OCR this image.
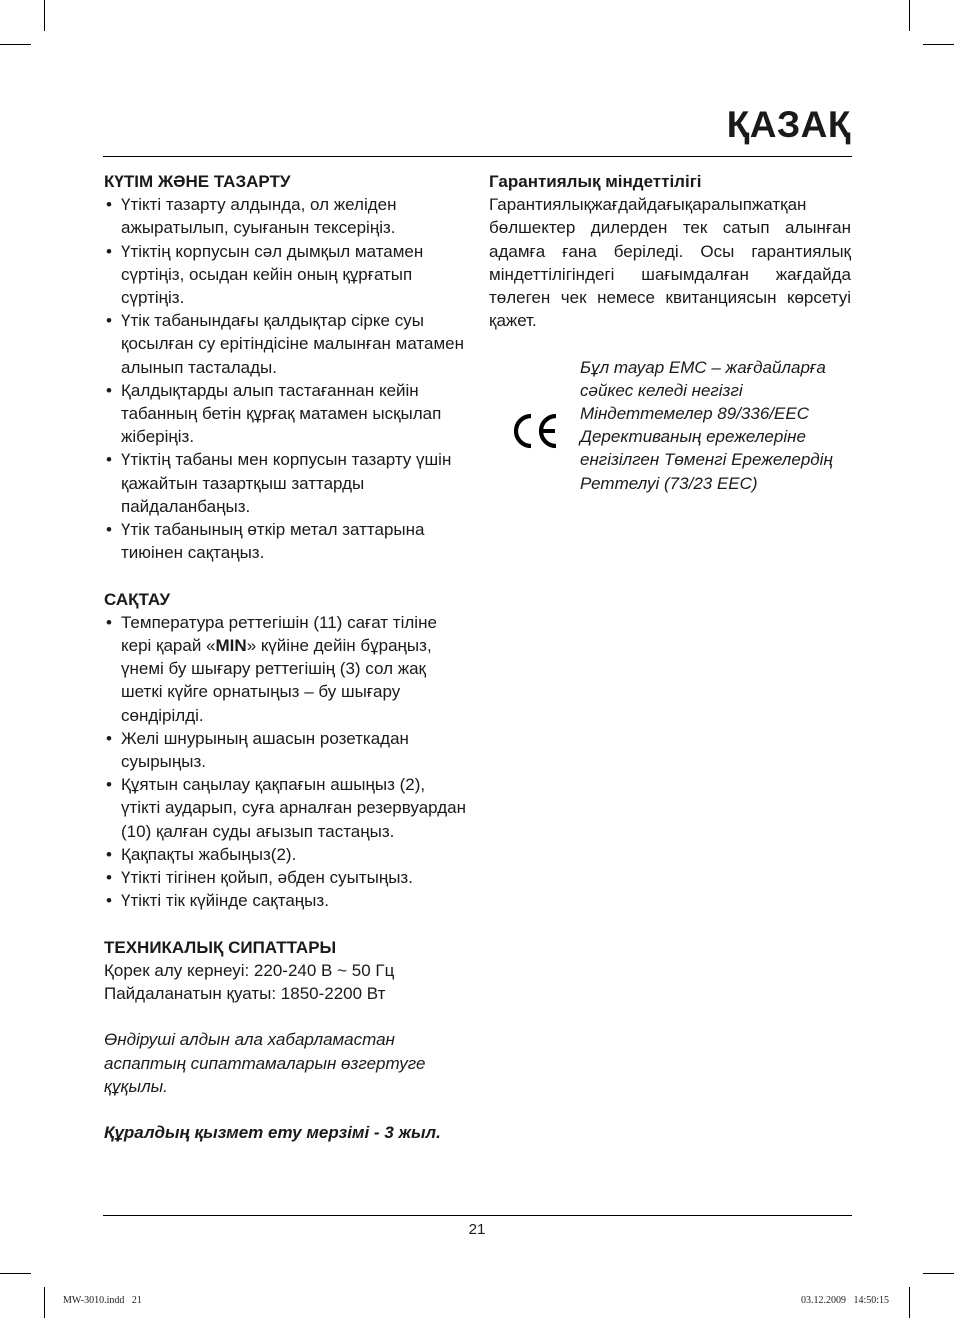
ҚАЗАҚ
КҮТІМ ЖӘНЕ ТАЗАРТУ
• Үтікті тазарту алдында, ол желіден ажыратылып, суығанын тексеріңіз.
• Үтіктің корпусын сәл дымқыл матамен сүртіңіз, осыдан кейін оның құрғатып сүртіңіз.
• Үтік табанындағы қалдықтар сірке суы қосылған су ерітіндісіне малынған матамен алынып тасталады.
• Қалдықтарды алып тастағаннан кейін табанның бетін құрғақ матамен ысқылап жіберіңіз.
• Үтіктің табаны мен корпусын тазарту үшін қажайтын тазартқыш заттарды пайдаланбаңыз.
• Үтік табанының өткір метал заттарына тиюінен сақтаңыз.
САҚТАУ
• Температура реттегішін (11) сағат тіліне кері қарай «MIN» күйіне дейін бұраңыз, үнемі бу шығару реттегішің (3) сол жақ шеткі күйге орнатыңыз – бу шығару сөндірілді.
• Желі шнурының ашасын розеткадан суырыңыз.
• Құятын саңылау қақпағын ашыңыз (2), үтікті аударып, суға арналған резервуардан (10) қалған суды ағызып тастаңыз.
• Қақпақты жабыңыз(2).
• Үтікті тігінен қойып, әбден суытыңыз.
• Үтікті тік күйінде сақтаңыз.
ТЕХНИКАЛЫҚ СИПАТТАРЫ

Қорек алу кернеуі: 220-240 В ~ 50 Гц

Пайдаланатын қуаты: 1850-2200 Вт

Өндіруші алдын ала хабарламастан аспаптың сипаттамаларын өзгертуге құқылы.

Құралдың қызмет ету мерзімі - 3 жыл.

Гарантиялық міндеттілігі

Гарантиялықжағдайдағықаралыпжатқан бөлшектер дилерден тек сатып алынған адамға ғана беріледі. Осы гарантиялық міндеттілігіндегі шағымдалған жағдайда төлеген чек немесе квитанциясын көрсетуі қажет.

Бұл тауар EMC – жағдайларға сәйкес келеді негізгі Міндеттемелер 89/336/EEC Дерективаның ережелеріне енгізілген Төменгі Ережелердің Реттелуі (73/23 EEC)

21
MW-3010.indd   21	03.12.2009   14:50:15
